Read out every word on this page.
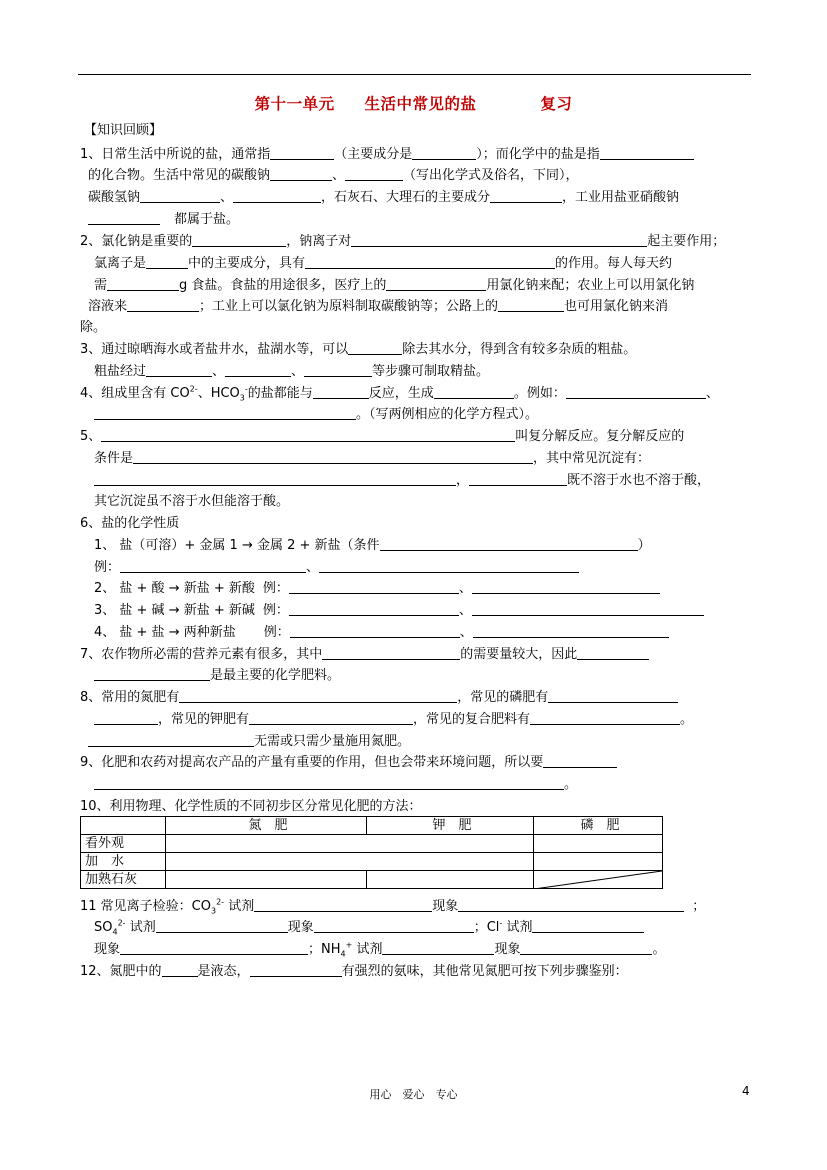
第十一单元 生活中常见的盐	复习
【知识回顾】
1、日常生活中所说的盐，通常指	（主要成分是	）；而化学中的盐是指
的化合物。生活中常见的碳酸钠	、	（写出化学式及俗名，下同），
碳酸氢钠	、	，石灰石、大理石的主要成分	，工业用盐亚硝酸钠
都属于盐。
2、氯化钠是重要的	，钠离子对	起主要作用；
氯离子是	中的主要成分，具有	的作用。每人每天约
需	g 食盐。食盐的用途很多，医疗上的	用氯化钠来配；农业上可以用氯化钠
溶液来	；工业上可以氯化钠为原料制取碳酸钠等；公路上的	也可用氯化钠来消
除。
3、通过晾晒海水或者盐井水，盐湖水等，可以	除去其水分，得到含有较多杂质的粗盐。
粗盐经过	、	、	等步骤可制取精盐。
4、组成里含有 $CO^{2-}$、$HCO_3^-$的盐都能与	反应，生成	。例如：	、
。（写两例相应的化学方程式）。
5、	叫复分解反应。复分解反应的
条件是	，其中常见沉淀有：
，	既不溶于水也不溶于酸，
其它沉淀虽不溶于水但能溶于酸。
6、盐的化学性质
1、 盐（可溶）+ 金属 1 → 金属 2 + 新盐（条件	）
例：	、
2、 盐 + 酸 → 新盐 + 新酸 例：	、
3、 盐 + 碱 → 新盐 + 新碱 例：	、
4、 盐 + 盐 → 两种新盐 例：	、
7、农作物所必需的营养元素有很多，其中	的需要量较大，因此
是最主要的化学肥料。
8、常用的氮肥有	，常见的磷肥有
，常见的钾肥有	，常见的复合肥料有	。
无需或只需少量施用氮肥。
9、化肥和农药对提高农产品的产量有重要的作用，但也会带来环境问题，所以要
。
10、利用物理、化学性质的不同初步区分常见化肥的方法：
	氮　肥	钾　肥	磷　肥
看外观			
加　水			
加熟石灰			
11 常见离子检验：$CO_3^{2-}$ 试剂	现象	；
$SO_4^{2-}$ 试剂	现象	；Cl- 试剂
现象	；$NH_4^+$ 试剂	现象	。
12、氮肥中的	是液态，	有强烈的氨味，其他常见氮肥可按下列步骤鉴别：
用心　爱心　专心	4
